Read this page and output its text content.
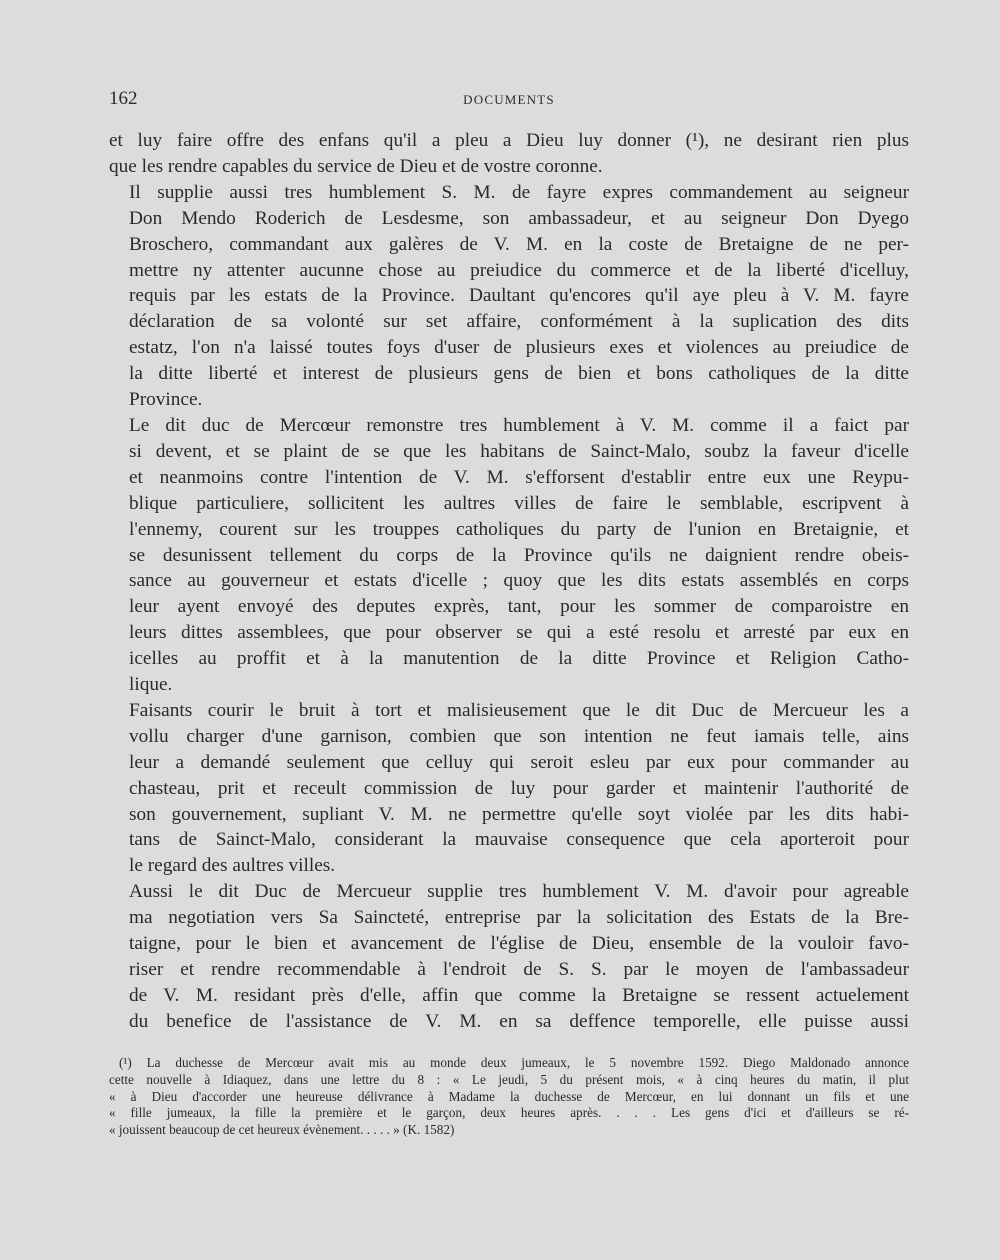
162	DOCUMENTS

et luy faire offre des enfans qu'il a pleu a Dieu luy donner (¹), ne desirant rien plus
que les rendre capables du service de Dieu et de vostre coronne.

Il supplie aussi tres humblement S. M. de fayre expres commandement au seigneur
Don Mendo Roderich de Lesdesme, son ambassadeur, et au seigneur Don Dyego
Broschero, commandant aux galères de V. M. en la coste de Bretaigne de ne per-
mettre ny attenter aucunne chose au preiudice du commerce et de la liberté d'icelluy,
requis par les estats de la Province. Daultant qu'encores qu'il aye pleu à V. M. fayre
déclaration de sa volonté sur set affaire, conformément à la suplication des dits
estatz, l'on n'a laissé toutes foys d'user de plusieurs exes et violences au preiudice de
la ditte liberté et interest de plusieurs gens de bien et bons catholiques de la ditte
Province.

Le dit duc de Mercœur remonstre tres humblement à V. M. comme il a faict par
si devent, et se plaint de se que les habitans de Sainct-Malo, soubz la faveur d'icelle
et neanmoins contre l'intention de V. M. s'efforsent d'establir entre eux une Reypu-
blique particuliere, sollicitent les aultres villes de faire le semblable, escripvent à
l'ennemy, courent sur les trouppes catholiques du party de l'union en Bretaignie, et
se desunissent tellement du corps de la Province qu'ils ne daignient rendre obeis-
sance au gouverneur et estats d'icelle ; quoy que les dits estats assemblés en corps
leur ayent envoyé des deputes exprès, tant, pour les sommer de comparoistre en
leurs dittes assemblees, que pour observer se qui a esté resolu et arresté par eux en
icelles au proffit et à la manutention de la ditte Province et Religion Catho-
lique.

Faisants courir le bruit à tort et malisieusement que le dit Duc de Mercueur les a
vollu charger d'une garnison, combien que son intention ne feut iamais telle, ains
leur a demandé seulement que celluy qui seroit esleu par eux pour commander au
chasteau, prit et receult commission de luy pour garder et maintenir l'authorité de
son gouvernement, supliant V. M. ne permettre qu'elle soyt violée par les dits habi-
tans de Sainct-Malo, considerant la mauvaise consequence que cela aporteroit pour
le regard des aultres villes.

Aussi le dit Duc de Mercueur supplie tres humblement V. M. d'avoir pour agreable
ma negotiation vers Sa Saincteté, entreprise par la solicitation des Estats de la Bre-
taigne, pour le bien et avancement de l'église de Dieu, ensemble de la vouloir favo-
riser et rendre recommendable à l'endroit de S. S. par le moyen de l'ambassadeur
de V. M. residant près d'elle, affin que comme la Bretaigne se ressent actuelement
du benefice de l'assistance de V. M. en sa deffence temporelle, elle puisse aussi

(¹) La duchesse de Mercœur avait mis au monde deux jumeaux, le 5 novembre 1592. Diego Maldonado annonce
cette nouvelle à Idiaquez, dans une lettre du 8 : « Le jeudi, 5 du présent mois, « à cinq heures du matin, il plut
« à Dieu d'accorder une heureuse délivrance à Madame la duchesse de Mercœur, en lui donnant un fils et une
« fille jumeaux, la fille la première et le garçon, deux heures après. . . . Les gens d'ici et d'ailleurs se ré-
« jouissent beaucoup de cet heureux évènement. . . . . » (K. 1582)
